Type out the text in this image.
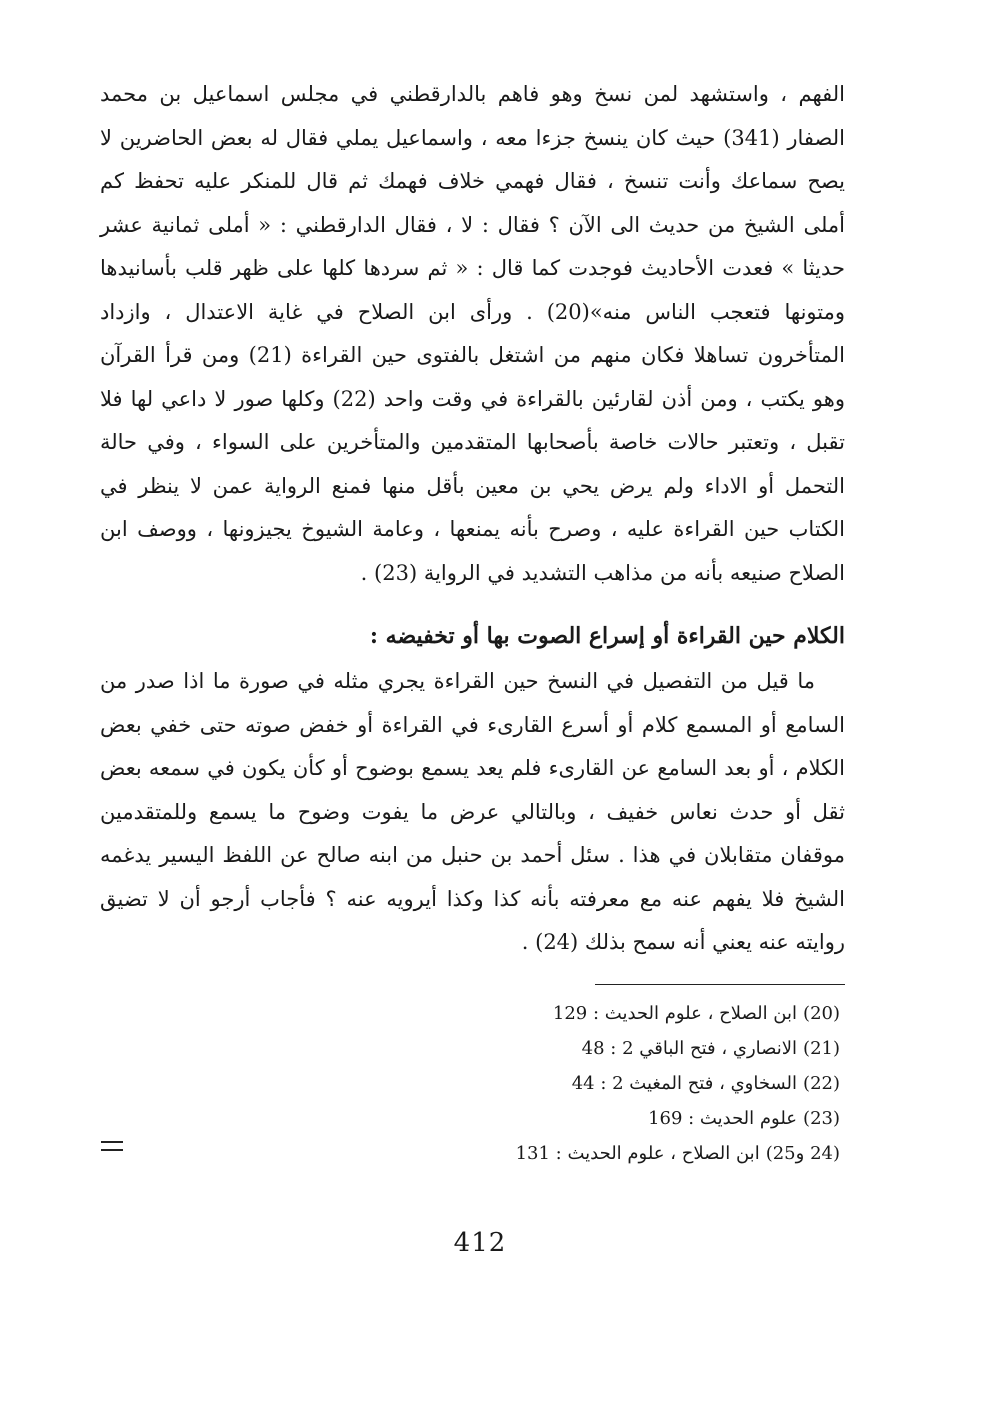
الفهم ، واستشهد لمن نسخ وهو فاهم بالدارقطني في مجلس اسماعيل بن محمد الصفار (341) حيث كان ينسخ جزءا معه ، واسماعيل يملي فقال له بعض الحاضرين لا يصح سماعك وأنت تنسخ ، فقال فهمي خلاف فهمك ثم قال للمنكر عليه تحفظ كم أملى الشيخ من حديث الى الآن ؟ فقال : لا ، فقال الدارقطني : « أملى ثمانية عشر حديثا » فعدت الأحاديث فوجدت كما قال : « ثم سردها كلها على ظهر قلب بأسانيدها ومتونها فتعجب الناس منه»(20) . ورأى ابن الصلاح في غاية الاعتدال ، وازداد المتأخرون تساهلا فكان منهم من اشتغل بالفتوى حين القراءة (21) ومن قرأ القرآن وهو يكتب ، ومن أذن لقارئين بالقراءة في وقت واحد (22) وكلها صور لا داعي لها فلا تقبل ، وتعتبر حالات خاصة بأصحابها المتقدمين والمتأخرين على السواء ، وفي حالة التحمل أو الاداء ولم يرض يحي بن معين بأقل منها فمنع الرواية عمن لا ينظر في الكتاب حين القراءة عليه ، وصرح بأنه يمنعها ، وعامة الشيوخ يجيزونها ، ووصف ابن الصلاح صنيعه بأنه من مذاهب التشديد في الرواية (23) .

الكلام حين القراءة أو إسراع الصوت بها أو تخفيضه :

ما قيل من التفصيل في النسخ حين القراءة يجري مثله في صورة ما اذا صدر من السامع أو المسمع كلام أو أسرع القارىء في القراءة أو خفض صوته حتى خفي بعض الكلام ، أو بعد السامع عن القارىء فلم يعد يسمع بوضوح أو كأن يكون في سمعه بعض ثقل أو حدث نعاس خفيف ، وبالتالي عرض ما يفوت وضوح ما يسمع وللمتقدمين موقفان متقابلان في هذا . سئل أحمد بن حنبل من ابنه صالح عن اللفظ اليسير يدغمه الشيخ فلا يفهم عنه مع معرفته بأنه كذا وكذا أيرويه عنه ؟ فأجاب أرجو أن لا تضيق روايته عنه يعني أنه سمح بذلك (24) .

(20)ابن الصلاح ، علوم الحديث : 129
(21)الانصاري ، فتح الباقي 2 : 48
(22)السخاوي ، فتح المغيث 2 : 44
(23)علوم الحديث : 169
(24 و25)ابن الصلاح ، علوم الحديث : 131

412
